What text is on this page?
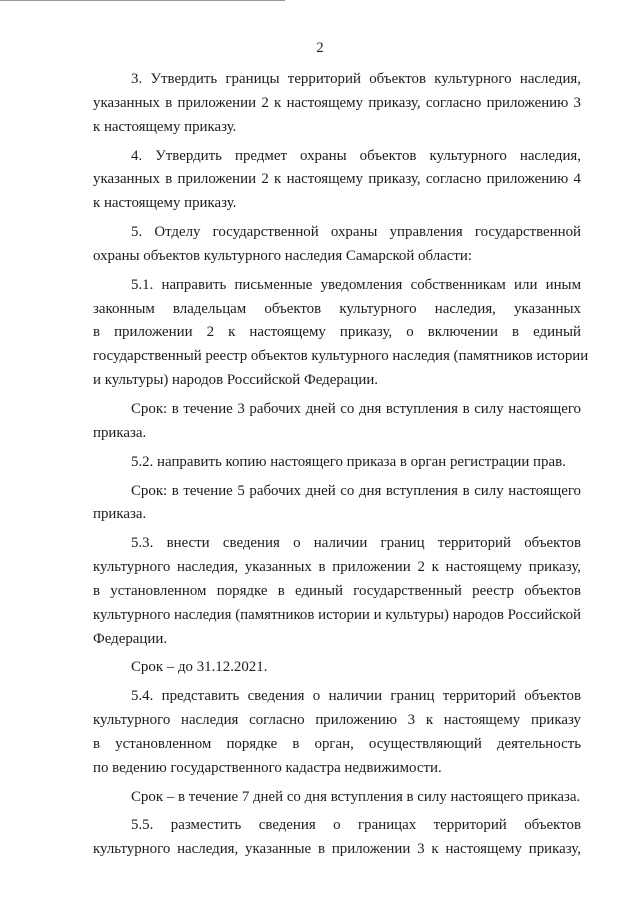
2
3. Утвердить границы территорий объектов культурного наследия,
указанных в приложении 2 к настоящему приказу, согласно приложению 3
к настоящему приказу.
4. Утвердить предмет охраны объектов культурного наследия,
указанных в приложении 2 к настоящему приказу, согласно приложению 4
к настоящему приказу.
5. Отделу государственной охраны управления государственной
охраны объектов культурного наследия Самарской области:
5.1. направить письменные уведомления собственникам или иным
законным владельцам объектов культурного наследия, указанных
в приложении 2 к настоящему приказу, о включении в единый
государственный реестр объектов культурного наследия (памятников истории
и культуры) народов Российской Федерации.
Срок: в течение 3 рабочих дней со дня вступления в силу настоящего
приказа.
5.2. направить копию настоящего приказа в орган регистрации прав.
Срок: в течение 5 рабочих дней со дня вступления в силу настоящего
приказа.
5.3. внести сведения о наличии границ территорий объектов
культурного наследия, указанных в приложении 2 к настоящему приказу,
в установленном порядке в единый государственный реестр объектов
культурного наследия (памятников истории и культуры) народов Российской
Федерации.
Срок – до 31.12.2021.
5.4. представить сведения о наличии границ территорий объектов
культурного наследия согласно приложению 3 к настоящему приказу
в установленном порядке в орган, осуществляющий деятельность
по ведению государственного кадастра недвижимости.
Срок – в течение 7 дней со дня вступления в силу настоящего приказа.
5.5. разместить сведения о границах территорий объектов
культурного наследия, указанные в приложении 3 к настоящему приказу,
